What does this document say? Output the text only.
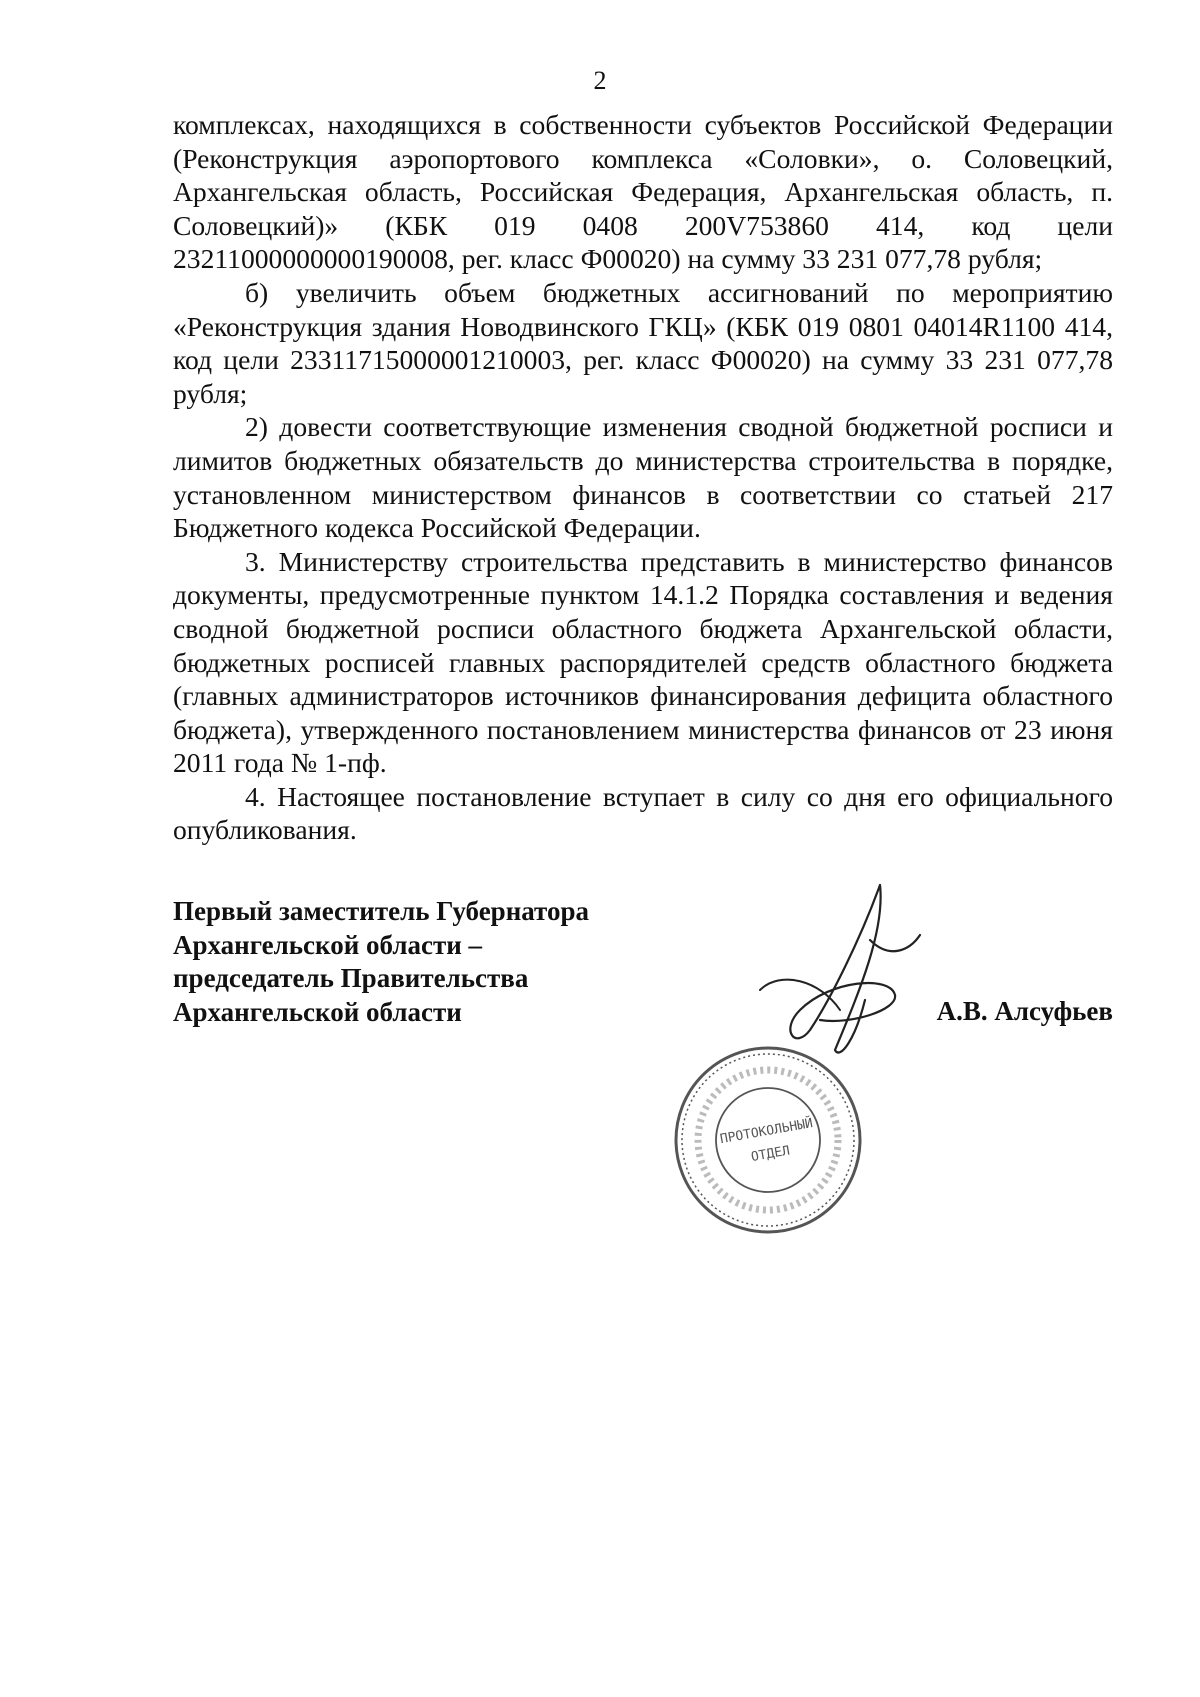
2

комплексах, находящихся в собственности субъектов Российской Федерации (Реконструкция аэропортового комплекса «Соловки», о. Соловецкий, Архангельская область, Российская Федерация, Архангельская область, п. Соловецкий)» (КБК 019 0408 200V753860 414, код цели 23211000000000190008, рег. класс Ф00020) на сумму 33 231 077,78 рубля;

б) увеличить объем бюджетных ассигнований по мероприятию «Реконструкция здания Новодвинского ГКЦ» (КБК 019 0801 04014R1100 414, код цели 23311715000001210003, рег. класс Ф00020) на сумму 33 231 077,78 рубля;

2) довести соответствующие изменения сводной бюджетной росписи и лимитов бюджетных обязательств до министерства строительства в порядке, установленном министерством финансов в соответствии со статьей 217 Бюджетного кодекса Российской Федерации.

3. Министерству строительства представить в министерство финансов документы, предусмотренные пунктом 14.1.2 Порядка составления и ведения сводной бюджетной росписи областного бюджета Архангельской области, бюджетных росписей главных распорядителей средств областного бюджета (главных администраторов источников финансирования дефицита областного бюджета), утвержденного постановлением министерства финансов от 23 июня 2011 года № 1-пф.

4. Настоящее постановление вступает в силу со дня его официального опубликования.

Первый заместитель Губернатора
Архангельской области –
председатель Правительства
Архангельской области
ПРОТОКОЛЬНЫЙ
ОТДЕЛ
А.В. Алсуфьев
